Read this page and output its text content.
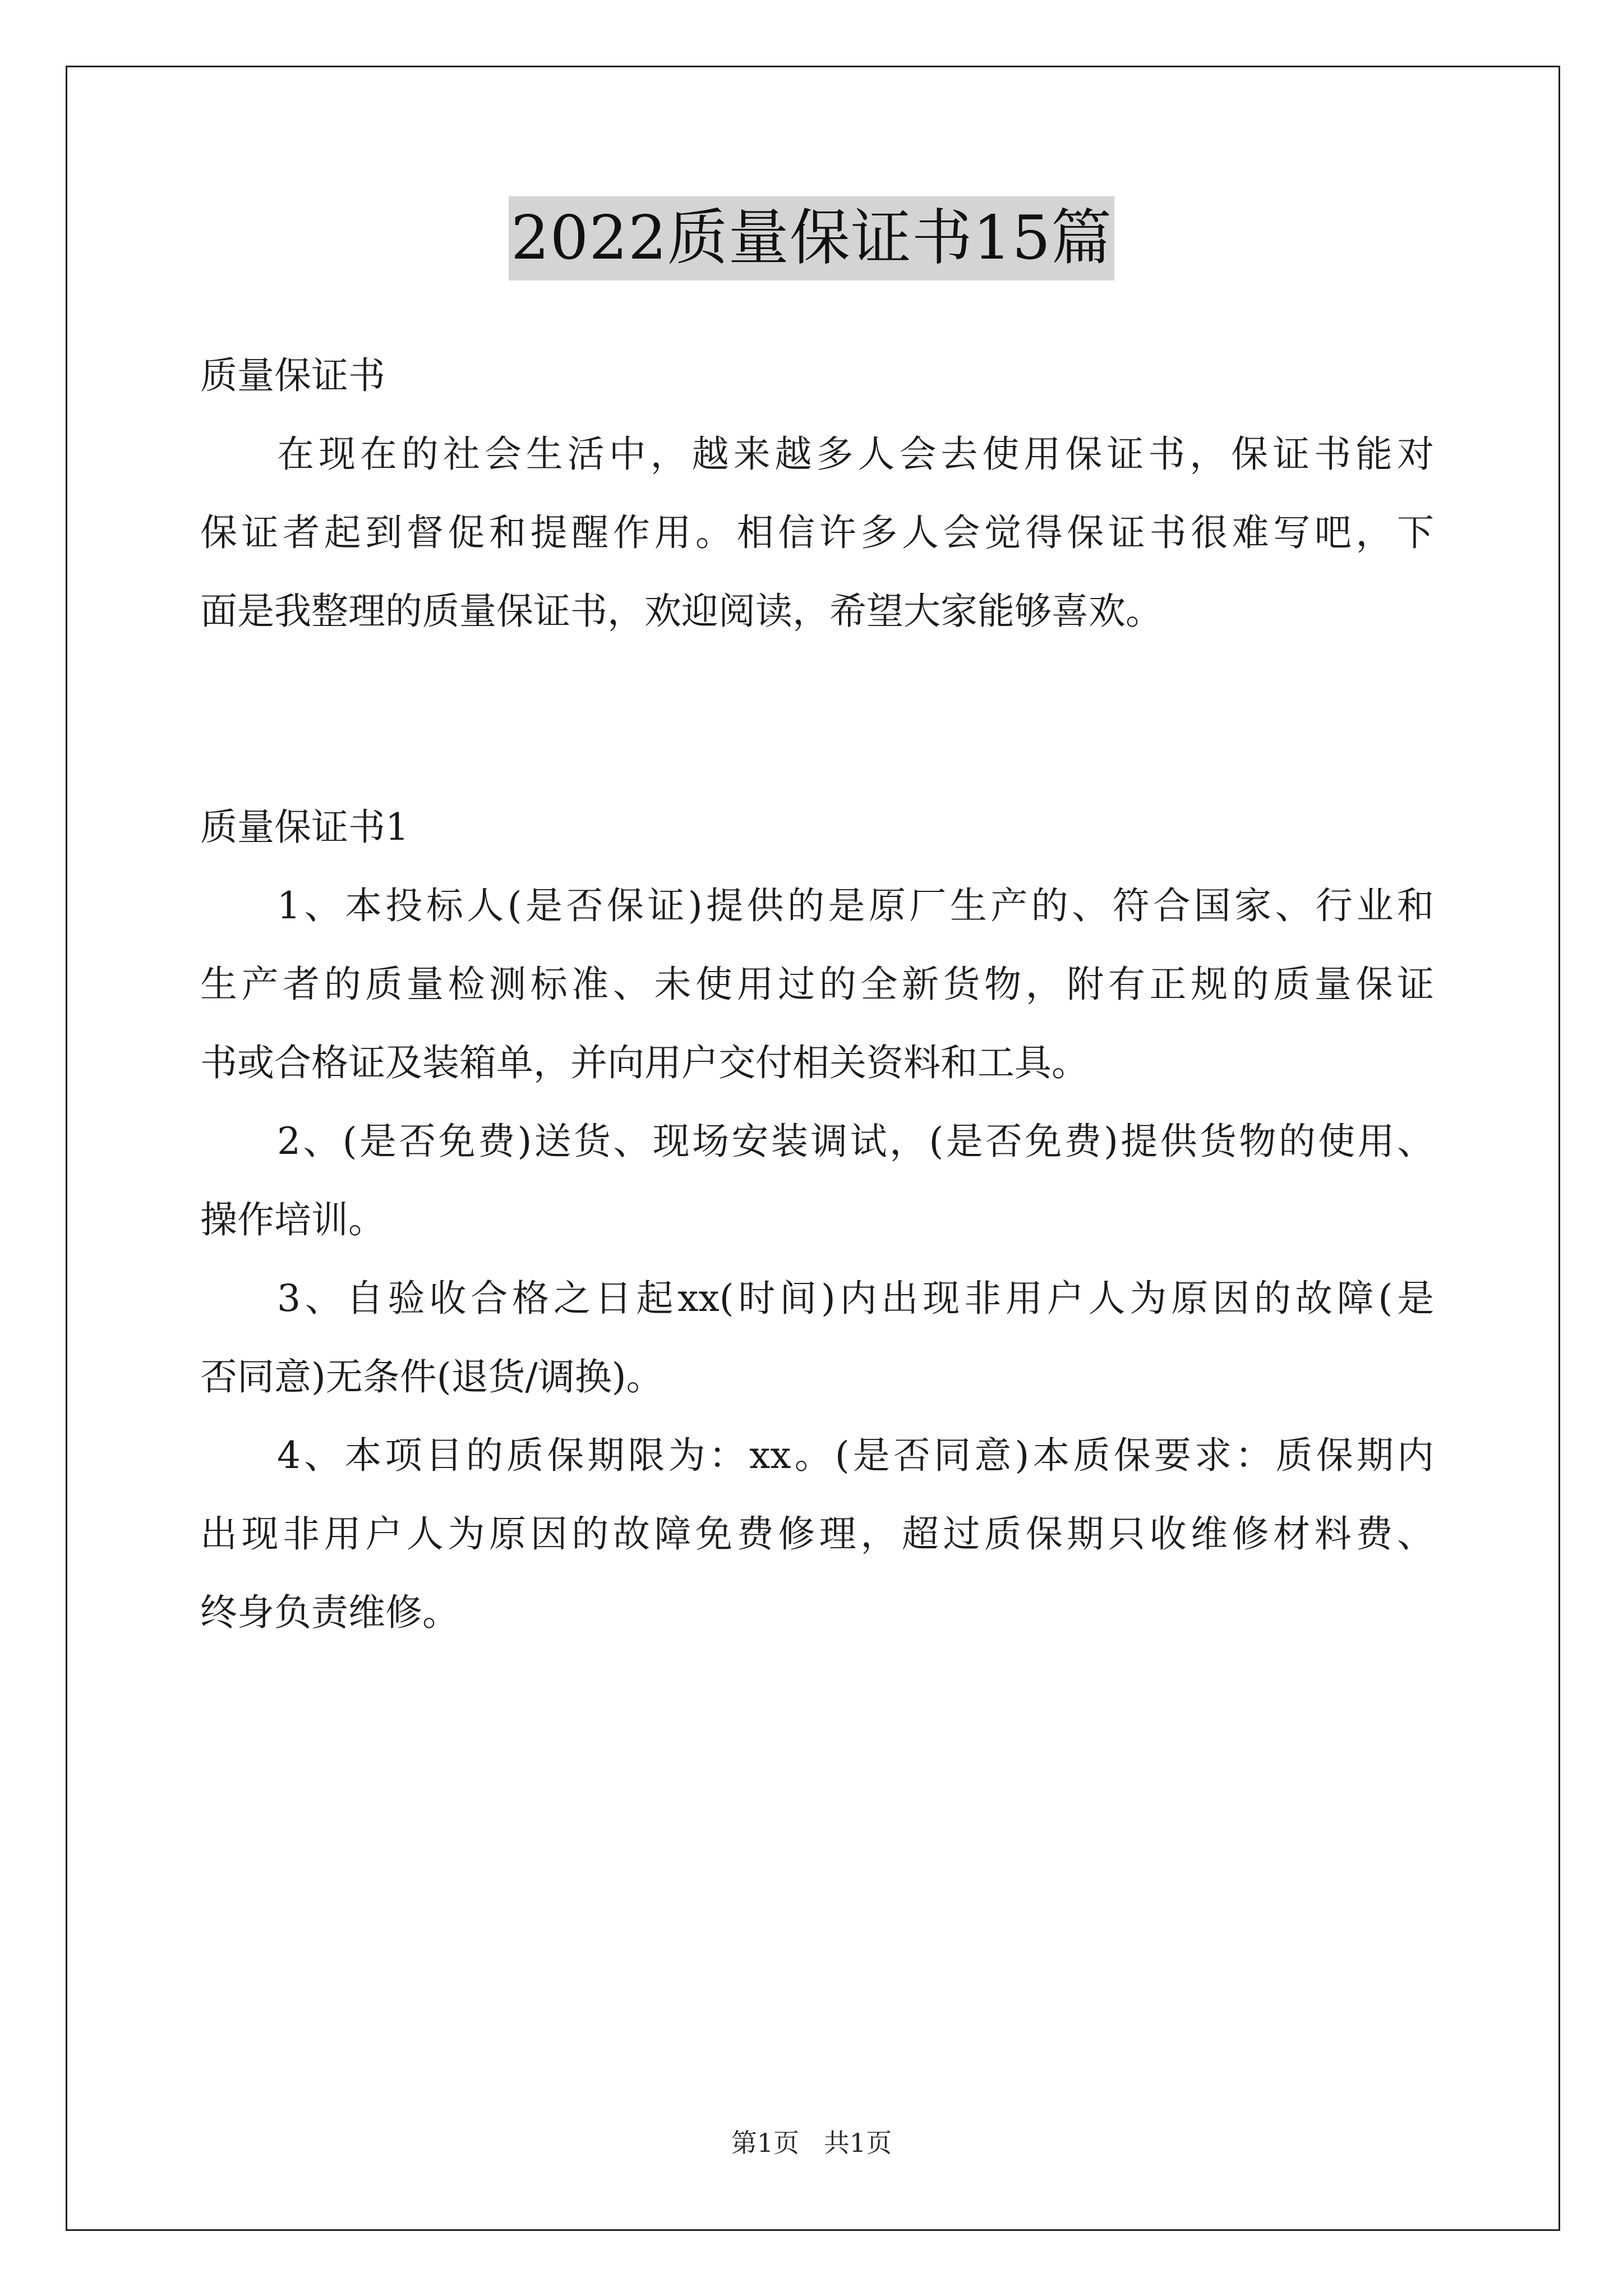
2022质量保证书15篇
质量保证书
在现在的社会生活中，越来越多人会去使用保证书，保证书能对
保证者起到督促和提醒作用。相信许多人会觉得保证书很难写吧，下
面是我整理的质量保证书，欢迎阅读，希望大家能够喜欢。
质量保证书1
1、本投标人(是否保证)提供的是原厂生产的、符合国家、行业和
生产者的质量检测标准、未使用过的全新货物，附有正规的质量保证
书或合格证及装箱单，并向用户交付相关资料和工具。
2、(是否免费)送货、现场安装调试，(是否免费)提供货物的使用、
操作培训。
3、自验收合格之日起xx(时间)内出现非用户人为原因的故障(是
否同意)无条件(退货/调换)。
4、本项目的质保期限为：xx。(是否同意)本质保要求：质保期内
出现非用户人为原因的故障免费修理，超过质保期只收维修材料费、
终身负责维修。
第1页   共1页
